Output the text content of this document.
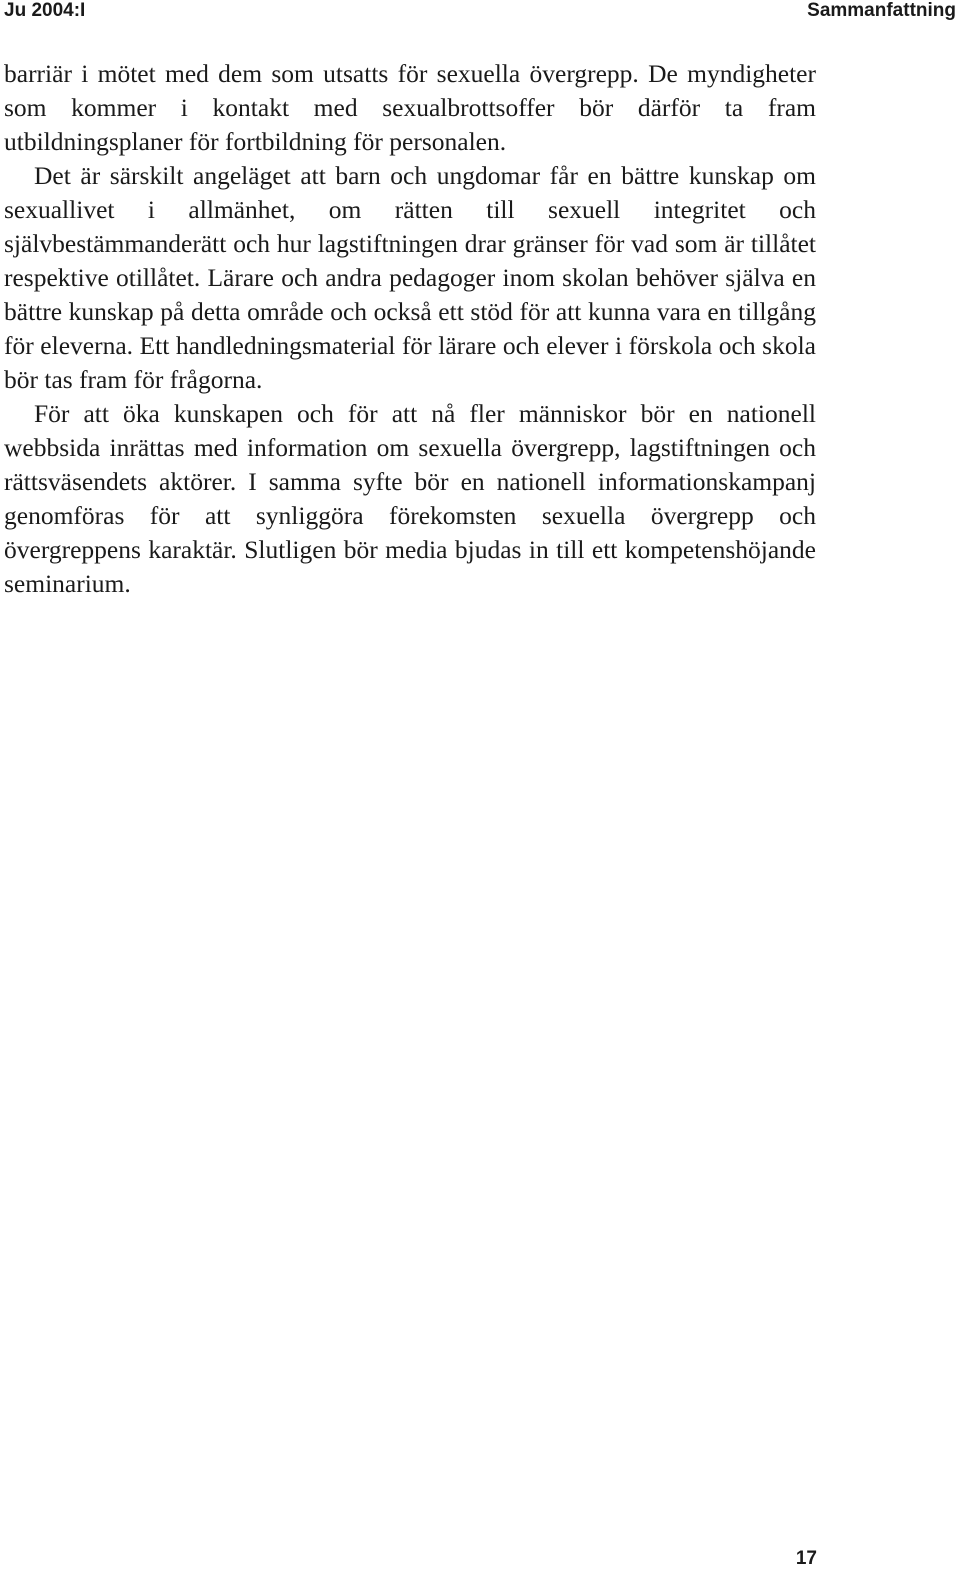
Ju 2004:I	Sammanfattning

barriär i mötet med dem som utsatts för sexuella övergrepp. De myndigheter som kommer i kontakt med sexualbrottsoffer bör därför ta fram utbildningsplaner för fortbildning för personalen.

Det är särskilt angeläget att barn och ungdomar får en bättre kunskap om sexuallivet i allmänhet, om rätten till sexuell integritet och självbestämmanderätt och hur lagstiftningen drar gränser för vad som är tillåtet respektive otillåtet. Lärare och andra pedagoger inom skolan behöver själva en bättre kunskap på detta område och också ett stöd för att kunna vara en tillgång för eleverna. Ett handledningsmaterial för lärare och elever i förskola och skola bör tas fram för frågorna.

För att öka kunskapen och för att nå fler människor bör en nationell webbsida inrättas med information om sexuella övergrepp, lagstiftningen och rättsväsendets aktörer. I samma syfte bör en nationell informationskampanj genomföras för att synliggöra förekomsten sexuella övergrepp och övergreppens karaktär. Slutligen bör media bjudas in till ett kompetenshöjande seminarium.

17
